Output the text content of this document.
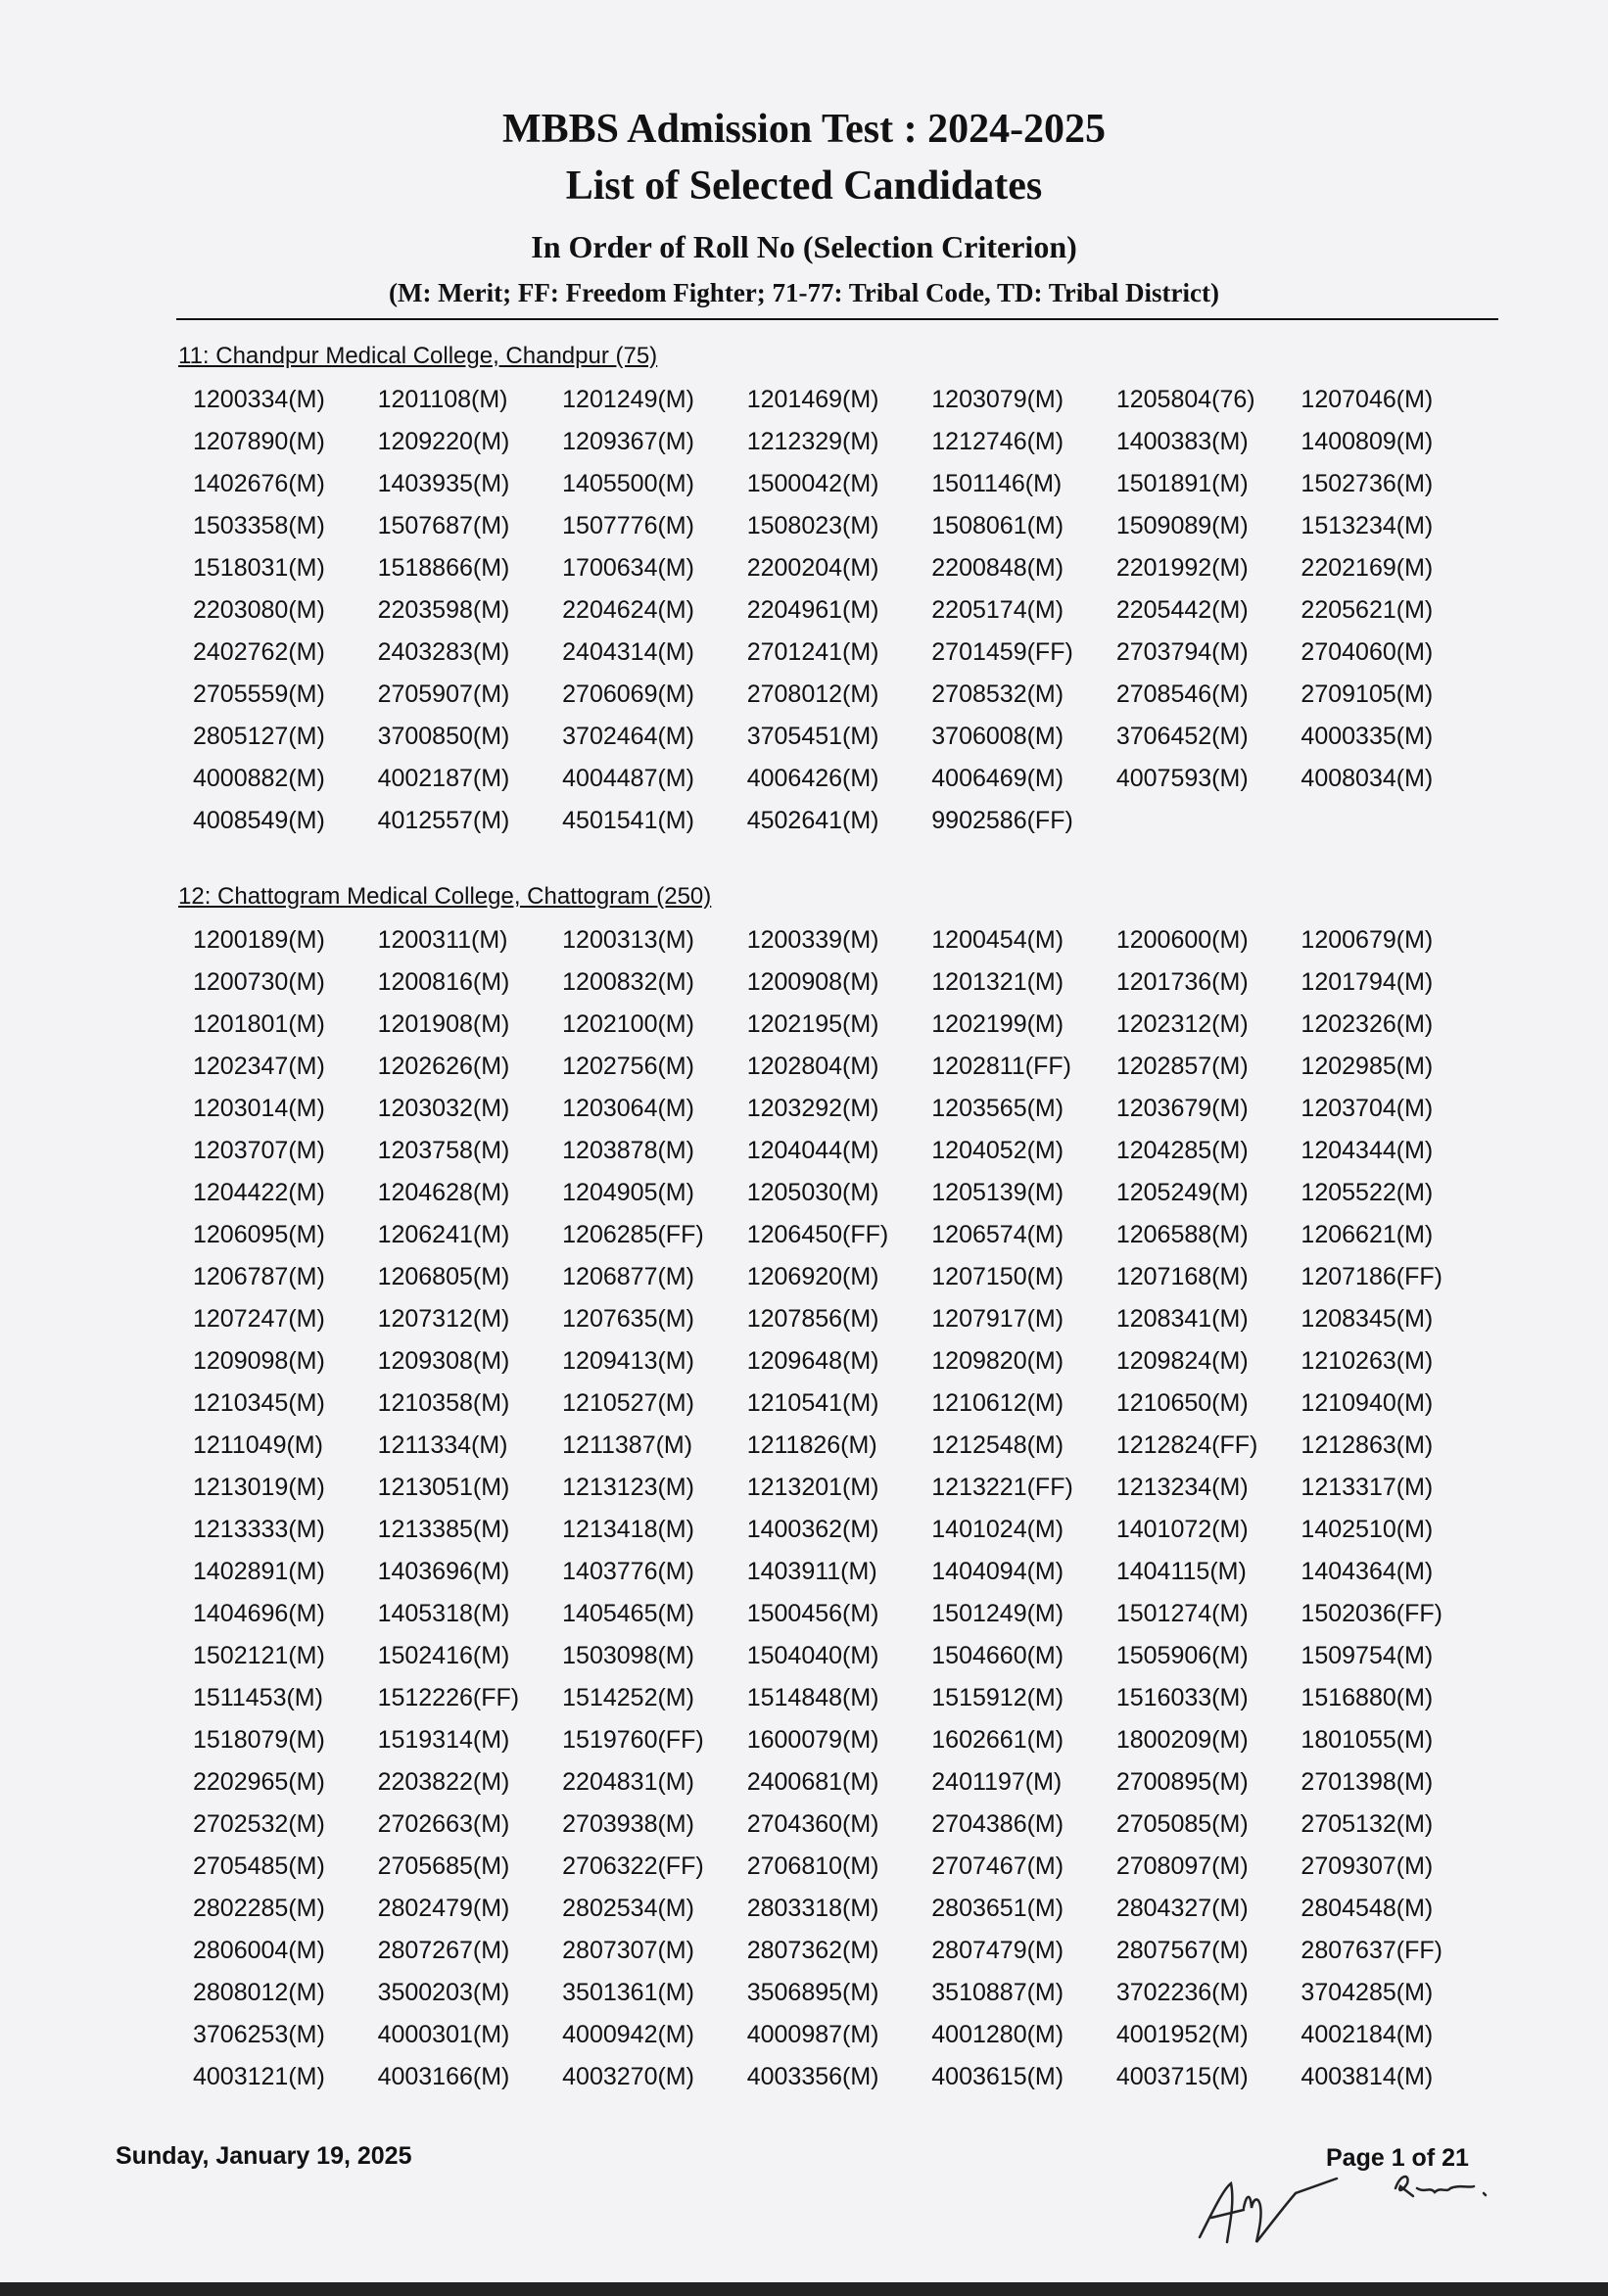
MBBS Admission Test : 2024-2025
List of Selected Candidates
In Order of Roll No (Selection Criterion)
(M: Merit; FF: Freedom Fighter; 71-77: Tribal Code, TD: Tribal District)
11: Chandpur Medical College, Chandpur (75)
1200334(M)	1201108(M)	1201249(M)	1201469(M)	1203079(M)	1205804(76)	1207046(M)
1207890(M)	1209220(M)	1209367(M)	1212329(M)	1212746(M)	1400383(M)	1400809(M)
1402676(M)	1403935(M)	1405500(M)	1500042(M)	1501146(M)	1501891(M)	1502736(M)
1503358(M)	1507687(M)	1507776(M)	1508023(M)	1508061(M)	1509089(M)	1513234(M)
1518031(M)	1518866(M)	1700634(M)	2200204(M)	2200848(M)	2201992(M)	2202169(M)
2203080(M)	2203598(M)	2204624(M)	2204961(M)	2205174(M)	2205442(M)	2205621(M)
2402762(M)	2403283(M)	2404314(M)	2701241(M)	2701459(FF)	2703794(M)	2704060(M)
2705559(M)	2705907(M)	2706069(M)	2708012(M)	2708532(M)	2708546(M)	2709105(M)
2805127(M)	3700850(M)	3702464(M)	3705451(M)	3706008(M)	3706452(M)	4000335(M)
4000882(M)	4002187(M)	4004487(M)	4006426(M)	4006469(M)	4007593(M)	4008034(M)
4008549(M)	4012557(M)	4501541(M)	4502641(M)	9902586(FF)
12: Chattogram Medical College, Chattogram (250)
1200189(M)	1200311(M)	1200313(M)	1200339(M)	1200454(M)	1200600(M)	1200679(M)
1200730(M)	1200816(M)	1200832(M)	1200908(M)	1201321(M)	1201736(M)	1201794(M)
1201801(M)	1201908(M)	1202100(M)	1202195(M)	1202199(M)	1202312(M)	1202326(M)
1202347(M)	1202626(M)	1202756(M)	1202804(M)	1202811(FF)	1202857(M)	1202985(M)
1203014(M)	1203032(M)	1203064(M)	1203292(M)	1203565(M)	1203679(M)	1203704(M)
1203707(M)	1203758(M)	1203878(M)	1204044(M)	1204052(M)	1204285(M)	1204344(M)
1204422(M)	1204628(M)	1204905(M)	1205030(M)	1205139(M)	1205249(M)	1205522(M)
1206095(M)	1206241(M)	1206285(FF)	1206450(FF)	1206574(M)	1206588(M)	1206621(M)
1206787(M)	1206805(M)	1206877(M)	1206920(M)	1207150(M)	1207168(M)	1207186(FF)
1207247(M)	1207312(M)	1207635(M)	1207856(M)	1207917(M)	1208341(M)	1208345(M)
1209098(M)	1209308(M)	1209413(M)	1209648(M)	1209820(M)	1209824(M)	1210263(M)
1210345(M)	1210358(M)	1210527(M)	1210541(M)	1210612(M)	1210650(M)	1210940(M)
1211049(M)	1211334(M)	1211387(M)	1211826(M)	1212548(M)	1212824(FF)	1212863(M)
1213019(M)	1213051(M)	1213123(M)	1213201(M)	1213221(FF)	1213234(M)	1213317(M)
1213333(M)	1213385(M)	1213418(M)	1400362(M)	1401024(M)	1401072(M)	1402510(M)
1402891(M)	1403696(M)	1403776(M)	1403911(M)	1404094(M)	1404115(M)	1404364(M)
1404696(M)	1405318(M)	1405465(M)	1500456(M)	1501249(M)	1501274(M)	1502036(FF)
1502121(M)	1502416(M)	1503098(M)	1504040(M)	1504660(M)	1505906(M)	1509754(M)
1511453(M)	1512226(FF)	1514252(M)	1514848(M)	1515912(M)	1516033(M)	1516880(M)
1518079(M)	1519314(M)	1519760(FF)	1600079(M)	1602661(M)	1800209(M)	1801055(M)
2202965(M)	2203822(M)	2204831(M)	2400681(M)	2401197(M)	2700895(M)	2701398(M)
2702532(M)	2702663(M)	2703938(M)	2704360(M)	2704386(M)	2705085(M)	2705132(M)
2705485(M)	2705685(M)	2706322(FF)	2706810(M)	2707467(M)	2708097(M)	2709307(M)
2802285(M)	2802479(M)	2802534(M)	2803318(M)	2803651(M)	2804327(M)	2804548(M)
2806004(M)	2807267(M)	2807307(M)	2807362(M)	2807479(M)	2807567(M)	2807637(FF)
2808012(M)	3500203(M)	3501361(M)	3506895(M)	3510887(M)	3702236(M)	3704285(M)
3706253(M)	4000301(M)	4000942(M)	4000987(M)	4001280(M)	4001952(M)	4002184(M)
4003121(M)	4003166(M)	4003270(M)	4003356(M)	4003615(M)	4003715(M)	4003814(M)
Sunday, January 19, 2025	Page 1 of 21
